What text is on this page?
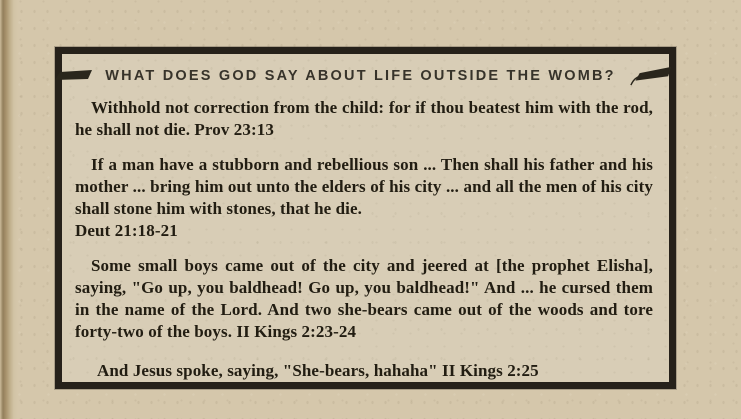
WHAT DOES GOD SAY ABOUT LIFE OUTSIDE THE WOMB?

Withhold not correction from the child: for if thou beatest him with the rod, he shall not die. Prov 23:13

If a man have a stubborn and rebellious son ... Then shall his father and his mother ... bring him out unto the elders of his city ... and all the men of his city shall stone him with stones, that he die.
Deut 21:18-21

Some small boys came out of the city and jeered at [the prophet Elisha], saying, "Go up, you baldhead! Go up, you baldhead!" And ... he cursed them in the name of the Lord. And two she-bears came out of the woods and tore forty-two of the boys. II Kings 2:23-24

And Jesus spoke, saying, "She-bears, hahaha" II Kings 2:25
